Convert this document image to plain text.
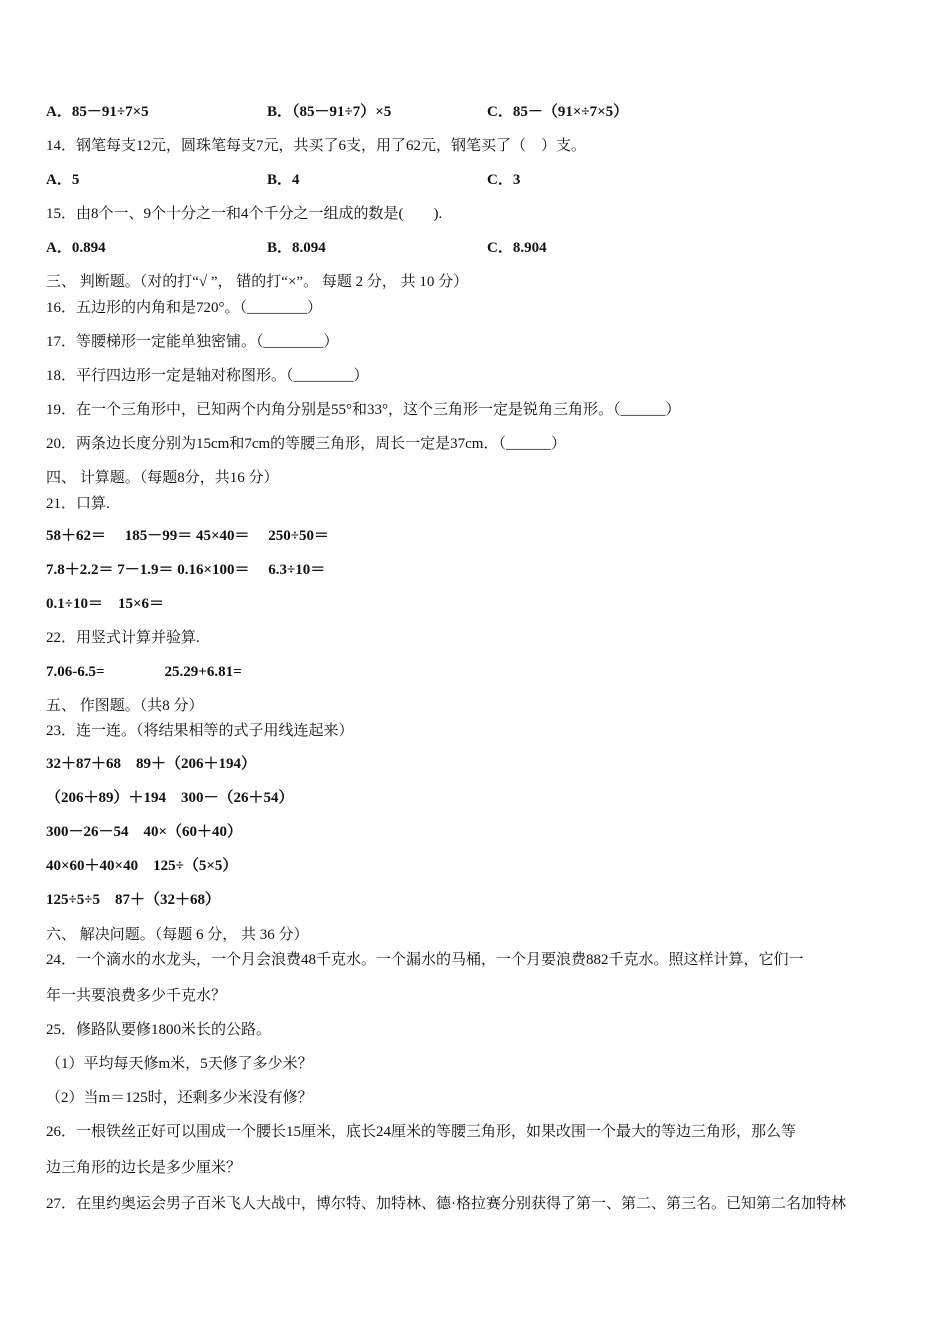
A．85－91÷7×5	B．（85－91÷7）×5	C．85－（91×÷7×5）
14．钢笔每支12元，圆珠笔每支7元，共买了6支，用了62元，钢笔买了（　）支。
A．5	B．4	C．3
15．由8个一、9个十分之一和4个千分之一组成的数是(　　).
A．0.894	B．8.094	C．8.904
三、 判断题。（对的打“√ ”， 错的打“×”。 每题 2 分， 共 10 分）
16．五边形的内角和是720°。（________）
17．等腰梯形一定能单独密铺。（________）
18．平行四边形一定是轴对称图形。（________）
19．在一个三角形中，已知两个内角分别是55°和33°，这个三角形一定是锐角三角形。（______）
20．两条边长度分别为15cm和7cm的等腰三角形，周长一定是37cm．（______）
四、 计算题。（每题8分，共16 分）
21．口算.
58＋62＝　 185－99＝ 45×40＝　 250÷50＝
7.8＋2.2＝ 7－1.9＝ 0.16×100＝　 6.3÷10＝
0.1÷10＝　15×6＝
22．用竖式计算并验算.
7.06-6.5=　　　　25.29+6.81=
五、 作图题。（共8 分）
23．连一连。（将结果相等的式子用线连起来）
32＋87＋68　89＋（206＋194）
（206＋89）＋194　300－（26＋54）
300－26－54　40×（60＋40）
40×60＋40×40　125÷（5×5）
125÷5÷5　87＋（32＋68）
六、 解决问题。（每题 6 分， 共 36 分）
24．一个滴水的水龙头，一个月会浪费48千克水。一个漏水的马桶，一个月要浪费882千克水。照这样计算，它们一
年一共要浪费多少千克水？
25．修路队要修1800米长的公路。
（1）平均每天修m米，5天修了多少米？
（2）当m＝125时，还剩多少米没有修？
26．一根铁丝正好可以围成一个腰长15厘米，底长24厘米的等腰三角形，如果改围一个最大的等边三角形，那么等
边三角形的边长是多少厘米？
27．在里约奥运会男子百米飞人大战中，博尔特、加特林、德·格拉赛分别获得了第一、第二、第三名。已知第二名加特林
